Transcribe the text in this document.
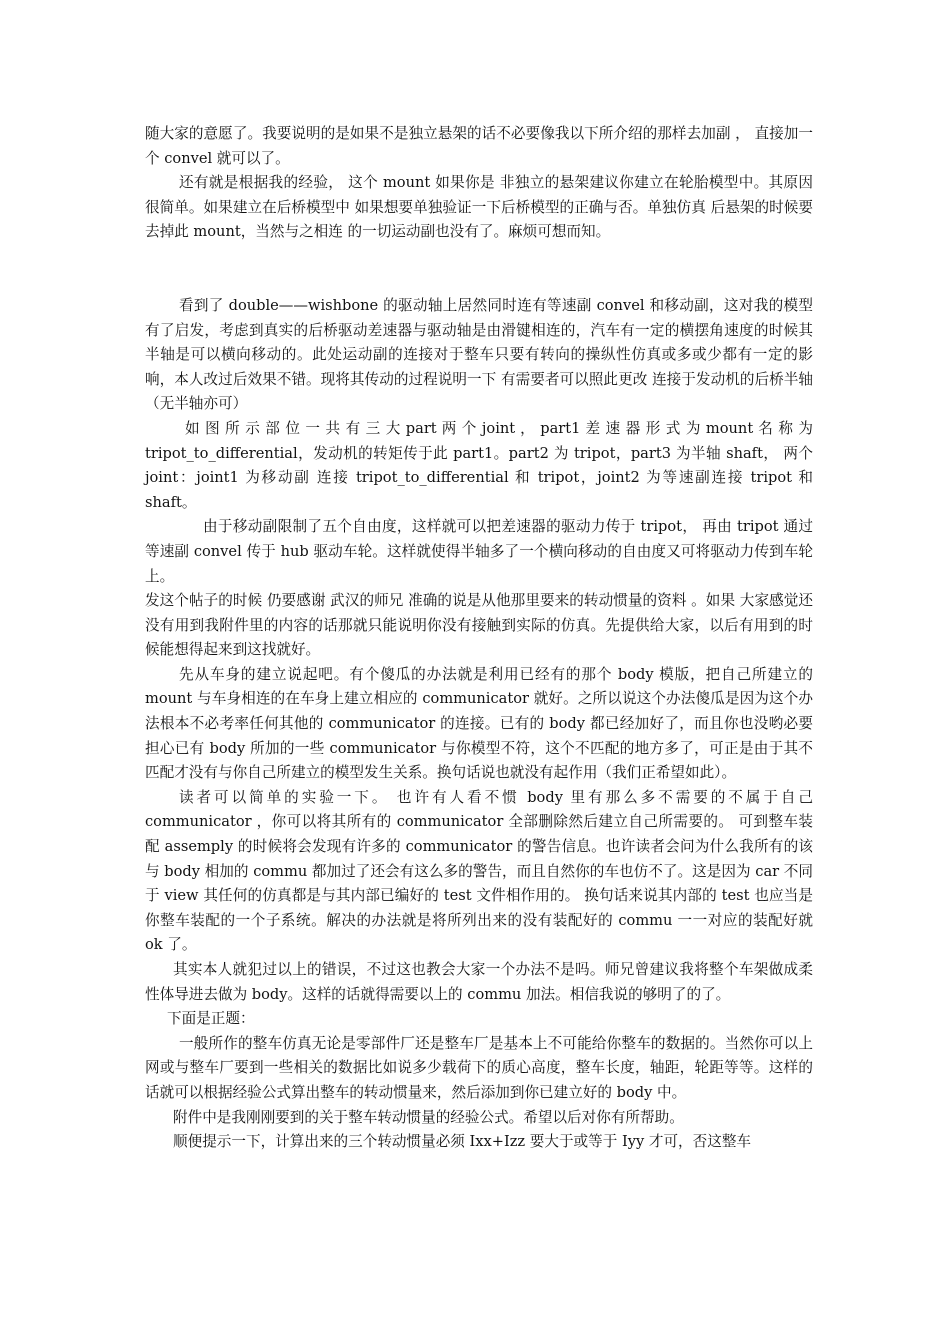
随大家的意愿了。我要说明的是如果不是独立悬架的话不必要像我以下所介绍的那样去加副 ， 直接加一个 convel 就可以了。

还有就是根据我的经验， 这个 mount 如果你是 非独立的悬架建议你建立在轮胎模型中。其原因很简单。如果建立在后桥模型中 如果想要单独验证一下后桥模型的正确与否。单独仿真 后悬架的时候要去掉此 mount，当然与之相连 的一切运动副也没有了。麻烦可想而知。

看到了 double——wishbone 的驱动轴上居然同时连有等速副 convel 和移动副，这对我的模型有了启发，考虑到真实的后桥驱动差速器与驱动轴是由滑键相连的，汽车有一定的横摆角速度的时候其半轴是可以横向移动的。此处运动副的连接对于整车只要有转向的操纵性仿真或多或少都有一定的影响，本人改过后效果不错。现将其传动的过程说明一下 有需要者可以照此更改 连接于发动机的后桥半轴（无半轴亦可）

如 图 所 示 部 位 一 共 有 三 大 part 两 个 joint ， part1 差 速 器 形 式 为 mount 名 称 为 tripot_to_differential，发动机的转矩传于此 part1。part2 为 tripot，part3 为半轴 shaft， 两个 joint：joint1 为移动副 连接 tripot_to_differential 和 tripot，joint2 为等速副连接 tripot 和 shaft。

由于移动副限制了五个自由度，这样就可以把差速器的驱动力传于 tripot， 再由 tripot 通过等速副 convel 传于 hub 驱动车轮。这样就使得半轴多了一个横向移动的自由度又可将驱动力传到车轮上。

发这个帖子的时候 仍要感谢 武汉的师兄 准确的说是从他那里要来的转动惯量的资料 。如果 大家感觉还没有用到我附件里的内容的话那就只能说明你没有接触到实际的仿真。先提供给大家，以后有用到的时候能想得起来到这找就好。

先从车身的建立说起吧。有个傻瓜的办法就是利用已经有的那个 body 模版，把自己所建立的 mount 与车身相连的在车身上建立相应的 communicator 就好。之所以说这个办法傻瓜是因为这个办法根本不必考率任何其他的 communicator 的连接。已有的 body 都已经加好了，而且你也没哟必要担心已有 body 所加的一些 communicator 与你模型不符，这个不匹配的地方多了，可正是由于其不匹配才没有与你自己所建立的模型发生关系。换句话说也就没有起作用（我们正希望如此）。

读者可以简单的实验一下。 也许有人看不惯 body 里有那么多不需要的不属于自己 communicator ，你可以将其所有的 communicator 全部删除然后建立自己所需要的。 可到整车装配 assemply 的时候将会发现有许多的 communicator 的警告信息。也许读者会问为什么我所有的该与 body 相加的 commu 都加过了还会有这么多的警告，而且自然你的车也仿不了。这是因为 car 不同于 view 其任何的仿真都是与其内部已编好的 test 文件相作用的。 换句话来说其内部的 test 也应当是你整车装配的一个子系统。解决的办法就是将所列出来的没有装配好的 commu 一一对应的装配好就 ok 了。

其实本人就犯过以上的错误，不过这也教会大家一个办法不是吗。师兄曾建议我将整个车架做成柔性体导进去做为 body。这样的话就得需要以上的 commu 加法。相信我说的够明了的了。

下面是正题：

一般所作的整车仿真无论是零部件厂还是整车厂是基本上不可能给你整车的数据的。当然你可以上网或与整车厂要到一些相关的数据比如说多少载荷下的质心高度，整车长度，轴距，轮距等等。这样的话就可以根据经验公式算出整车的转动惯量来，然后添加到你已建立好的 body 中。

附件中是我刚刚要到的关于整车转动惯量的经验公式。希望以后对你有所帮助。

顺便提示一下，计算出来的三个转动惯量必须 Ixx+Izz 要大于或等于 Iyy 才可，否这整车
